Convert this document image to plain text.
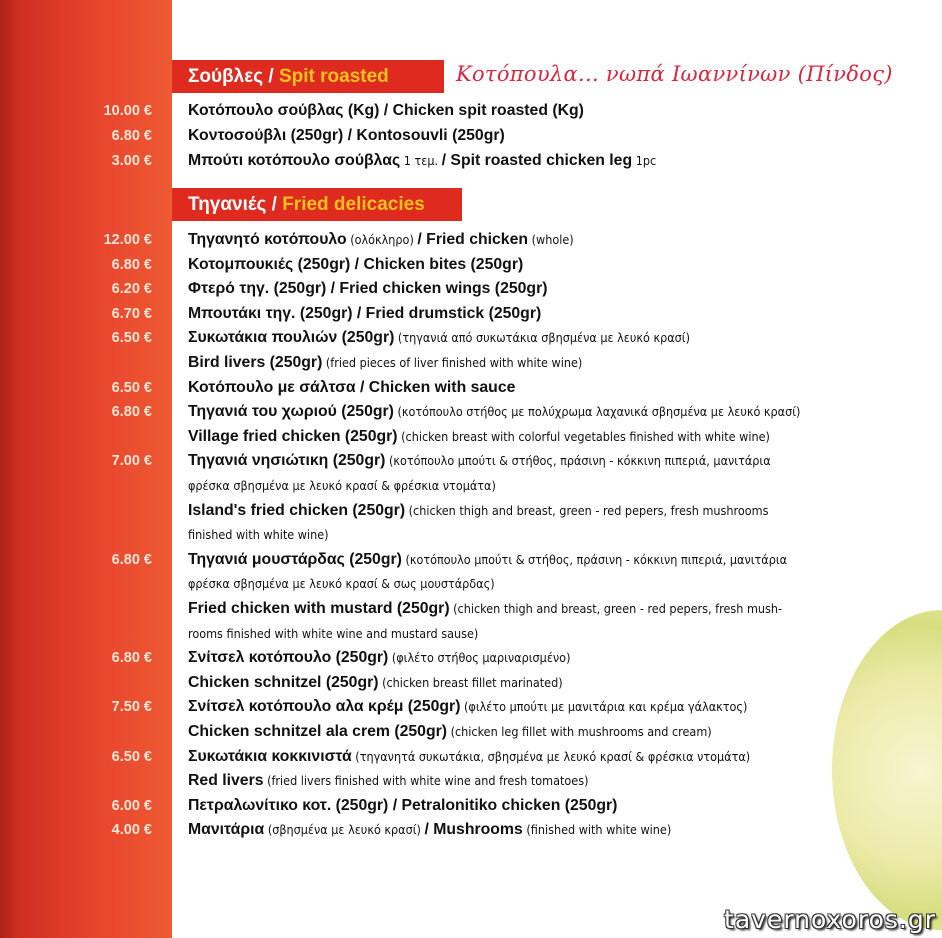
Σούβλες / Spit roasted	Κοτόπουλα... νωπά Ιωαννίνων (Πίνδος)
10.00 € Κοτόπουλο σούβλας (Kg) / Chicken spit roasted (Kg)
6.80 € Κοντοσούβλι (250gr) / Kontosouvli (250gr)
3.00 € Μπούτι κοτόπουλο σούβλας 1 τεμ. / Spit roasted chicken leg 1pc
Τηγανιές / Fried delicacies
12.00 € Τηγανητό κοτόπουλο (ολόκληρο) / Fried chicken (whole)
6.80 € Κοτομπουκιές (250gr) / Chicken bites (250gr)
6.20 € Φτερό τηγ. (250gr) / Fried chicken wings (250gr)
6.70 € Μπουτάκι τηγ. (250gr) / Fried drumstick (250gr)
6.50 € Συκωτάκια πουλιών (250gr) (τηγανιά από συκωτάκια σβησμένα με λευκό κρασί)
Bird livers (250gr) (fried pieces of liver finished with white wine)
6.50 € Κοτόπουλο με σάλτσα / Chicken with sauce
6.80 € Τηγανιά του χωριού (250gr) (κοτόπουλο στήθος με πολύχρωμα λαχανικά σβησμένα με λευκό κρασί)
Village fried chicken (250gr) (chicken breast with colorful vegetables finished with white wine)
7.00 € Τηγανιά νησιώτικη (250gr) (κοτόπουλο μπούτι & στήθος, πράσινη - κόκκινη πιπεριά, μανιτάρια
φρέσκα σβησμένα με λευκό κρασί & φρέσκια ντομάτα)
Island's fried chicken (250gr) (chicken thigh and breast, green - red pepers, fresh mushrooms
finished with white wine)
6.80 € Τηγανιά μουστάρδας (250gr) (κοτόπουλο μπούτι & στήθος, πράσινη - κόκκινη πιπεριά, μανιτάρια
φρέσκα σβησμένα με λευκό κρασί & σως μουστάρδας)
Fried chicken with mustard (250gr) (chicken thigh and breast, green - red pepers, fresh mush-
rooms finished with white wine and mustard sause)
6.80 € Σνίτσελ κοτόπουλο (250gr) (φιλέτο στήθος μαριναρισμένο)
Chicken schnitzel (250gr) (chicken breast fillet marinated)
7.50 € Σνίτσελ κοτόπουλο αλα κρέμ (250gr) (φιλέτο μπούτι με μανιτάρια και κρέμα γάλακτος)
Chicken schnitzel ala crem (250gr) (chicken leg fillet with mushrooms and cream)
6.50 € Συκωτάκια κοκκινιστά (τηγανητά συκωτάκια, σβησμένα με λευκό κρασί & φρέσκια ντομάτα)
Red livers (fried livers finished with white wine and fresh tomatoes)
6.00 € Πετραλωνίτικο κοτ. (250gr) / Petralonitiko chicken (250gr)
4.00 € Μανιτάρια (σβησμένα με λευκό κρασί) / Mushrooms (finished with white wine)
tavernoxoros.gr
